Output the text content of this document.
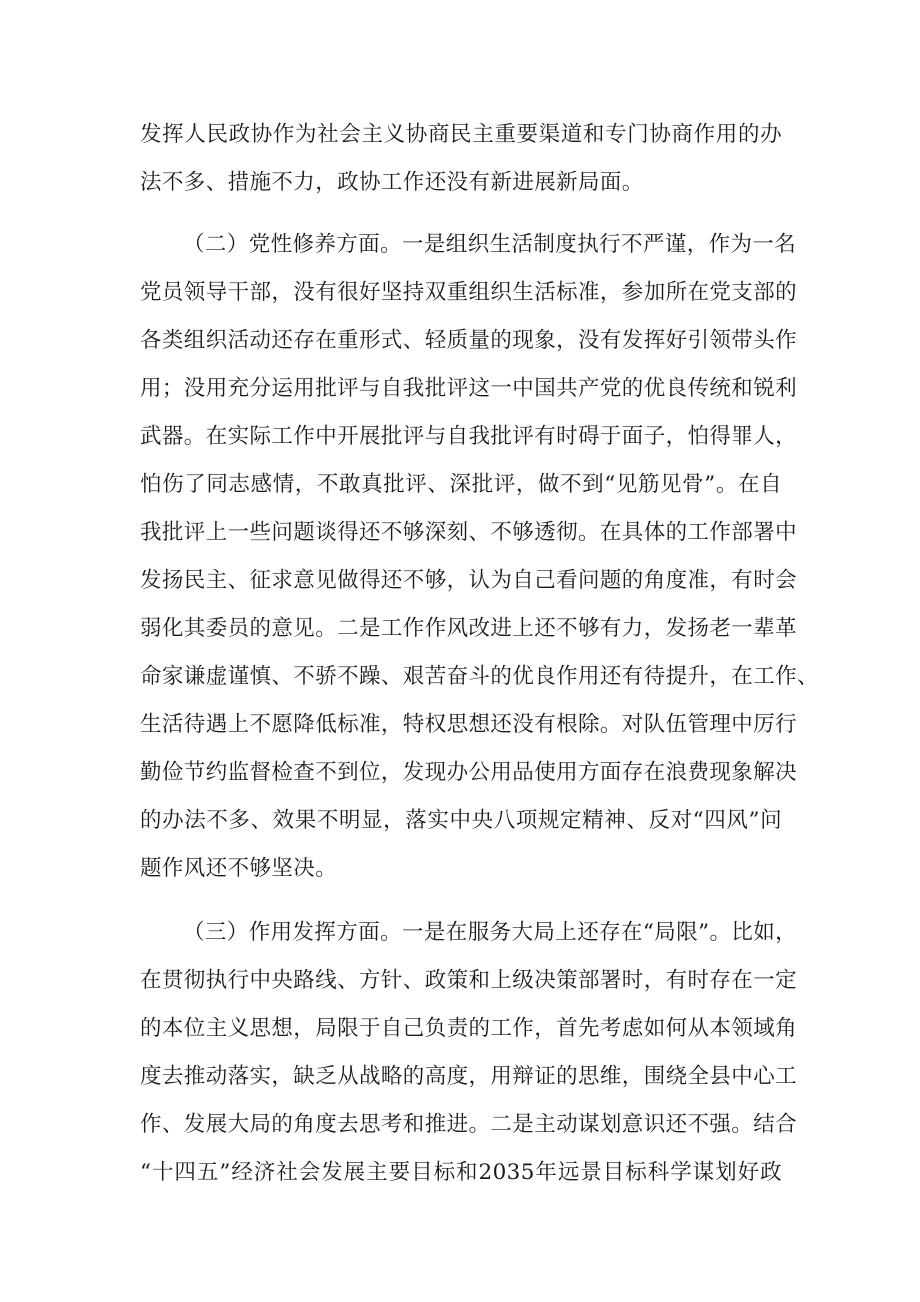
发挥人民政协作为社会主义协商民主重要渠道和专门协商作用的办
法不多、措施不力，政协工作还没有新进展新局面。
（二）党性修养方面。一是组织生活制度执行不严谨，作为一名
党员领导干部，没有很好坚持双重组织生活标准，参加所在党支部的
各类组织活动还存在重形式、轻质量的现象，没有发挥好引领带头作
用；没用充分运用批评与自我批评这一中国共产党的优良传统和锐利
武器。在实际工作中开展批评与自我批评有时碍于面子，怕得罪人，
怕伤了同志感情，不敢真批评、深批评，做不到“见筋见骨”。在自
我批评上一些问题谈得还不够深刻、不够透彻。在具体的工作部署中
发扬民主、征求意见做得还不够，认为自己看问题的角度准，有时会
弱化其委员的意见。二是工作作风改进上还不够有力，发扬老一辈革
命家谦虚谨慎、不骄不躁、艰苦奋斗的优良作用还有待提升，在工作、
生活待遇上不愿降低标准，特权思想还没有根除。对队伍管理中厉行
勤俭节约监督检查不到位，发现办公用品使用方面存在浪费现象解决
的办法不多、效果不明显，落实中央八项规定精神、反对“四风”问
题作风还不够坚决。
（三）作用发挥方面。一是在服务大局上还存在“局限”。比如，
在贯彻执行中央路线、方针、政策和上级决策部署时，有时存在一定
的本位主义思想，局限于自己负责的工作，首先考虑如何从本领域角
度去推动落实，缺乏从战略的高度，用辩证的思维，围绕全县中心工
作、发展大局的角度去思考和推进。二是主动谋划意识还不强。结合
“十四五”经济社会发展主要目标和2035年远景目标科学谋划好政
